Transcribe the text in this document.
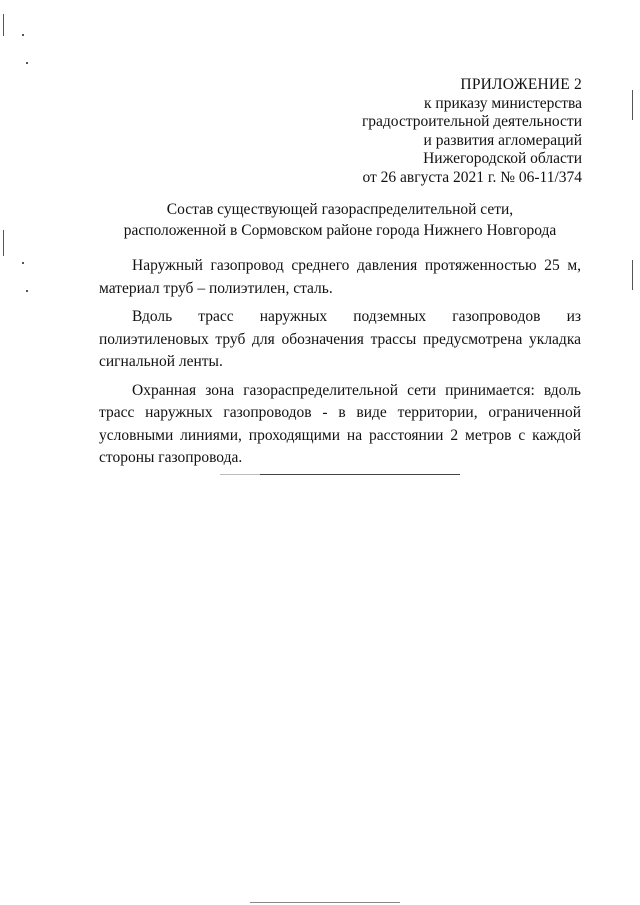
ПРИЛОЖЕНИЕ 2
к приказу министерства
градостроительной деятельности
и развития агломераций
Нижегородской области
от 26 августа 2021 г. № 06-11/374
Состав существующей газораспределительной сети,
расположенной в Сормовском районе города Нижнего Новгорода

Наружный газопровод среднего давления протяженностью 25 м, материал труб – полиэтилен, сталь.

Вдоль трасс наружных подземных газопроводов из полиэтиленовых труб для обозначения трассы предусмотрена укладка сигнальной ленты.

Охранная зона газораспределительной сети принимается: вдоль трасс наружных газопроводов - в виде территории, ограниченной условными линиями, проходящими на расстоянии 2 метров с каждой стороны газопровода.
